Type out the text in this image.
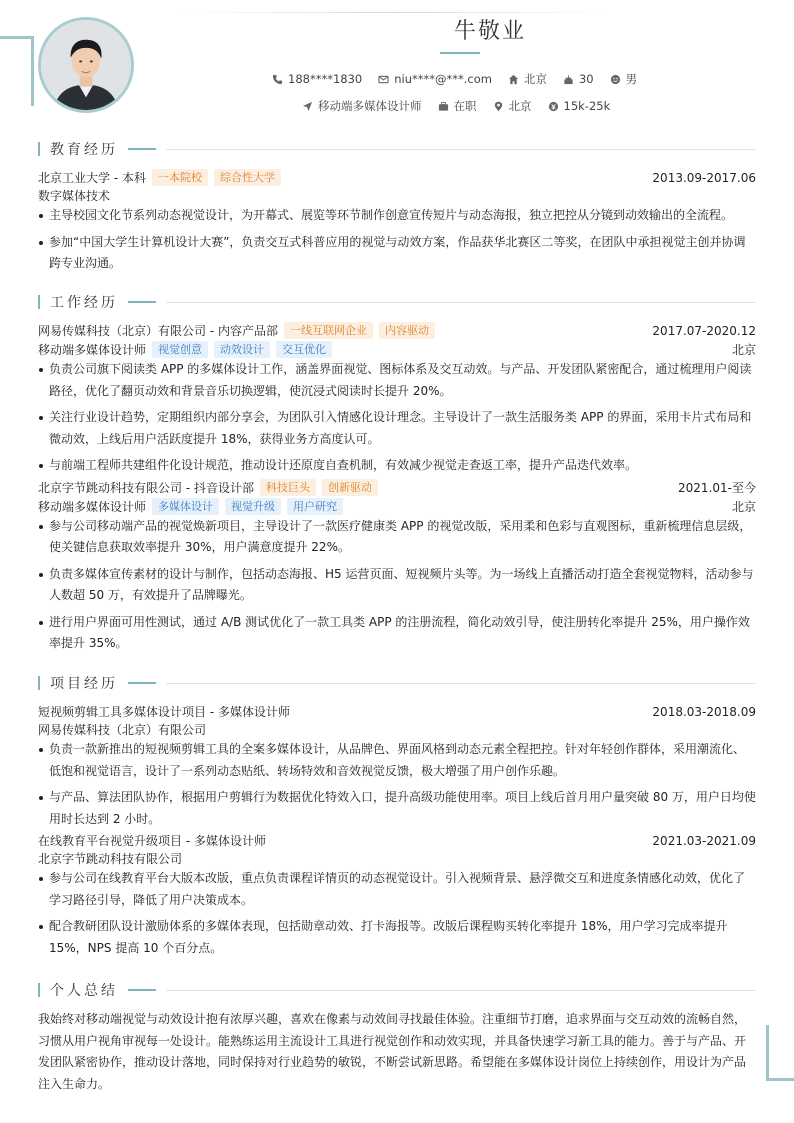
牛敬业
188****1830	niu****@***.com	北京	30	男
移动端多媒体设计师	在职	北京	15k-25k
教育经历
北京工业大学 - 本科	一本院校	综合性大学	2013.09-2017.06
数字媒体技术
主导校园文化节系列动态视觉设计，为开幕式、展览等环节制作创意宣传短片与动态海报，独立把控从分镜到动效输出的全流程。
参加“中国大学生计算机设计大赛”，负责交互式科普应用的视觉与动效方案，作品获华北赛区二等奖，在团队中承担视觉主创并协调跨专业沟通。
工作经历
网易传媒科技（北京）有限公司 - 内容产品部	一线互联网企业	内容驱动	2017.07-2020.12
移动端多媒体设计师	视觉创意	动效设计	交互优化	北京
负责公司旗下阅读类 APP 的多媒体设计工作，涵盖界面视觉、图标体系及交互动效。与产品、开发团队紧密配合，通过梳理用户阅读路径，优化了翻页动效和背景音乐切换逻辑，使沉浸式阅读时长提升 20%。
关注行业设计趋势，定期组织内部分享会，为团队引入情感化设计理念。主导设计了一款生活服务类 APP 的界面，采用卡片式布局和微动效，上线后用户活跃度提升 18%，获得业务方高度认可。
与前端工程师共建组件化设计规范，推动设计还原度自查机制，有效减少视觉走查返工率，提升产品迭代效率。
北京字节跳动科技有限公司 - 抖音设计部	科技巨头	创新驱动	2021.01-至今
移动端多媒体设计师	多媒体设计	视觉升级	用户研究	北京
参与公司移动端产品的视觉焕新项目，主导设计了一款医疗健康类 APP 的视觉改版，采用柔和色彩与直观图标，重新梳理信息层级，使关键信息获取效率提升 30%，用户满意度提升 22%。
负责多媒体宣传素材的设计与制作，包括动态海报、H5 运营页面、短视频片头等。为一场线上直播活动打造全套视觉物料，活动参与人数超 50 万，有效提升了品牌曝光。
进行用户界面可用性测试，通过 A/B 测试优化了一款工具类 APP 的注册流程，简化动效引导，使注册转化率提升 25%，用户操作效率提升 35%。
项目经历
短视频剪辑工具多媒体设计项目 - 多媒体设计师	2018.03-2018.09
网易传媒科技（北京）有限公司
负责一款新推出的短视频剪辑工具的全案多媒体设计，从品牌色、界面风格到动态元素全程把控。针对年轻创作群体，采用潮流化、低饱和视觉语言，设计了一系列动态贴纸、转场特效和音效视觉反馈，极大增强了用户创作乐趣。
与产品、算法团队协作，根据用户剪辑行为数据优化特效入口，提升高级功能使用率。项目上线后首月用户量突破 80 万，用户日均使用时长达到 2 小时。
在线教育平台视觉升级项目 - 多媒体设计师	2021.03-2021.09
北京字节跳动科技有限公司
参与公司在线教育平台大版本改版，重点负责课程详情页的动态视觉设计。引入视频背景、悬浮微交互和进度条情感化动效，优化了学习路径引导，降低了用户决策成本。
配合教研团队设计激励体系的多媒体表现，包括勋章动效、打卡海报等。改版后课程购买转化率提升 18%，用户学习完成率提升 15%，NPS 提高 10 个百分点。
个人总结

我始终对移动端视觉与动效设计抱有浓厚兴趣，喜欢在像素与动效间寻找最佳体验。注重细节打磨，追求界面与交互动效的流畅自然，习惯从用户视角审视每一处设计。能熟练运用主流设计工具进行视觉创作和动效实现，并具备快速学习新工具的能力。善于与产品、开发团队紧密协作，推动设计落地，同时保持对行业趋势的敏锐，不断尝试新思路。希望能在多媒体设计岗位上持续创作，用设计为产品注入生命力。
